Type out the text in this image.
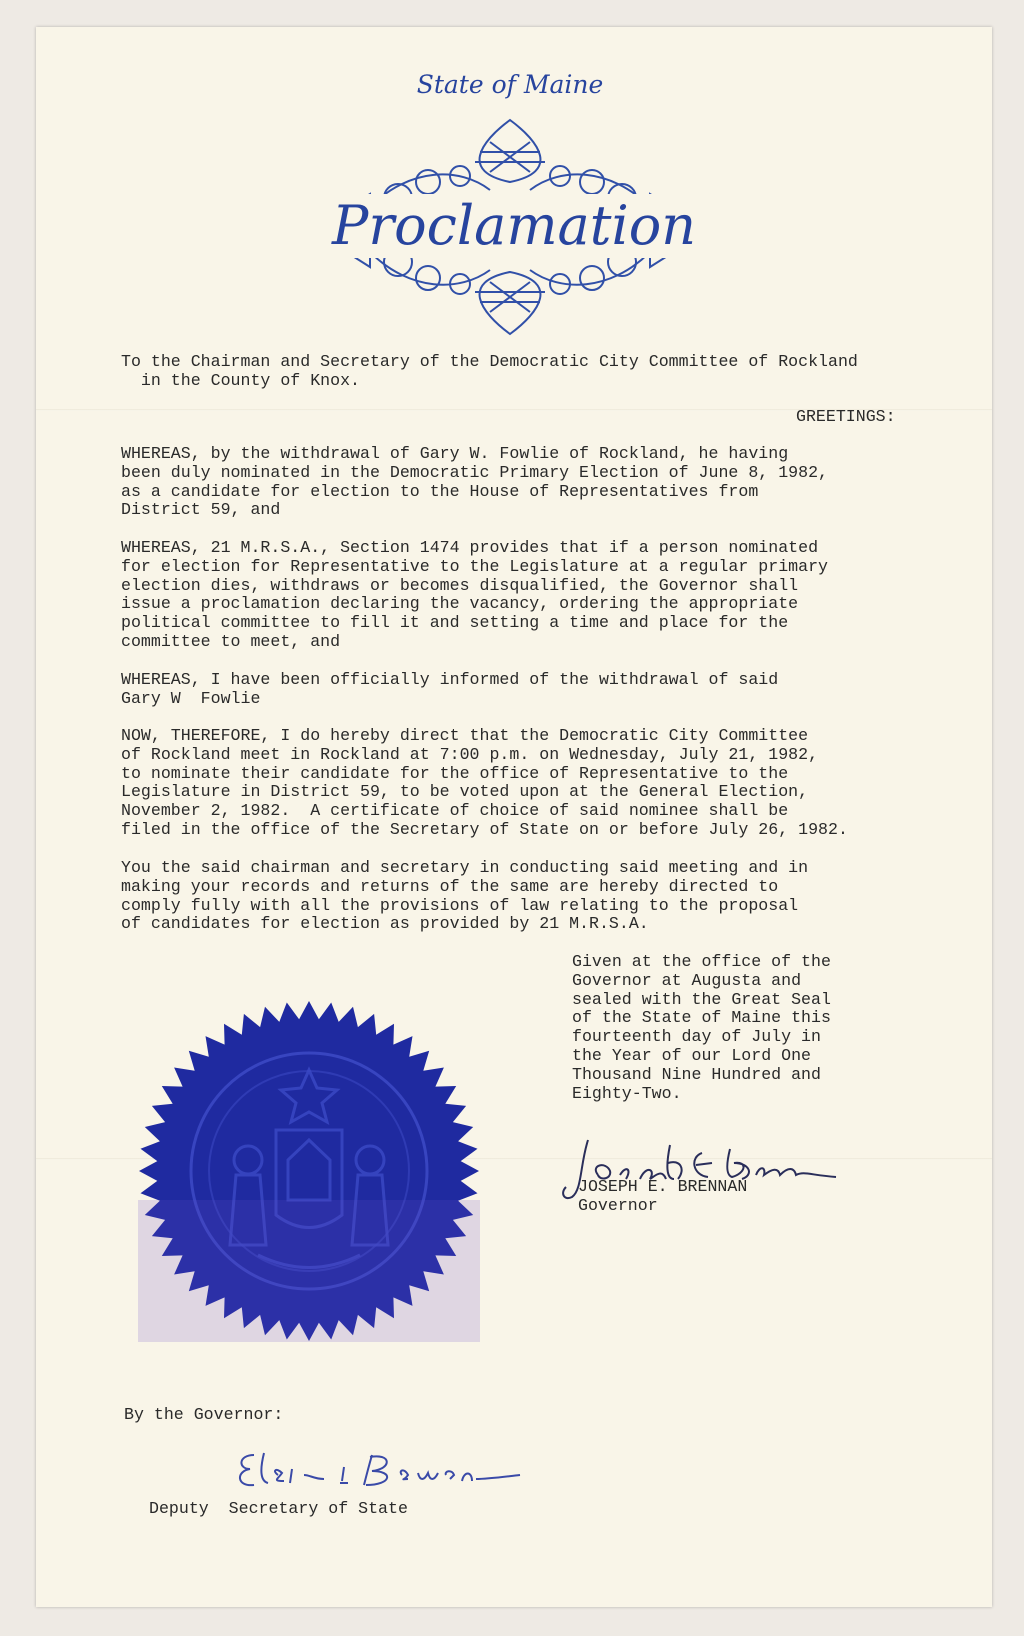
State of Maine
Proclamation
To the Chairman and Secretary of the Democratic City Committee of Rockland
in the County of Knox.
GREETINGS:
WHEREAS, by the withdrawal of Gary W. Fowlie of Rockland, he having
been duly nominated in the Democratic Primary Election of June 8, 1982,
as a candidate for election to the House of Representatives from
District 59, and
WHEREAS, 21 M.R.S.A., Section 1474 provides that if a person nominated
for election for Representative to the Legislature at a regular primary
election dies, withdraws or becomes disqualified, the Governor shall
issue a proclamation declaring the vacancy, ordering the appropriate
political committee to fill it and setting a time and place for the
committee to meet, and
WHEREAS, I have been officially informed of the withdrawal of said
Gary W  Fowlie
NOW, THEREFORE, I do hereby direct that the Democratic City Committee
of Rockland meet in Rockland at 7:00 p.m. on Wednesday, July 21, 1982,
to nominate their candidate for the office of Representative to the
Legislature in District 59, to be voted upon at the General Election,
November 2, 1982.  A certificate of choice of said nominee shall be
filed in the office of the Secretary of State on or before July 26, 1982.
You the said chairman and secretary in conducting said meeting and in
making your records and returns of the same are hereby directed to
comply fully with all the provisions of law relating to the proposal
of candidates for election as provided by 21 M.R.S.A.
Given at the office of the
Governor at Augusta and
sealed with the Great Seal
of the State of Maine this
fourteenth day of July in
the Year of our Lord One
Thousand Nine Hundred and
Eighty-Two.
JOSEPH E. BRENNAN
Governor
By the Governor:
Deputy  Secretary of State
